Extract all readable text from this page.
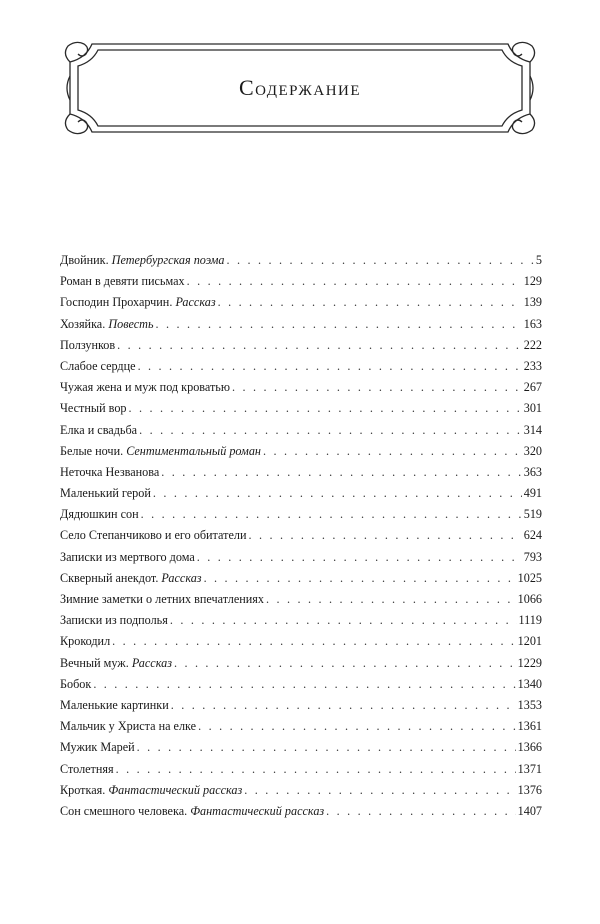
Содержание
Двойник. Петербургская поэма . . .	5
Роман в девяти письмах . . .	129
Господин Прохарчин. Рассказ . . .	139
Хозяйка. Повесть . . .	163
Ползунков . . .	222
Слабое сердце . . .	233
Чужая жена и муж под кроватью . . .	267
Честный вор . . .	301
Елка и свадьба . . .	314
Белые ночи. Сентиментальный роман . . .	320
Неточка Незванова . . .	363
Маленький герой . . .	491
Дядюшкин сон . . .	519
Село Степанчиково и его обитатели . . .	624
Записки из мертвого дома . . .	793
Скверный анекдот. Рассказ . . .	1025
Зимние заметки о летних впечатлениях . . .	1066
Записки из подполья . . .	1119
Крокодил . . .	1201
Вечный муж. Рассказ . . .	1229
Бобок . . .	1340
Маленькие картинки . . .	1353
Мальчик у Христа на елке . . .	1361
Мужик Марей . . .	1366
Столетняя . . .	1371
Кроткая. Фантастический рассказ . . .	1376
Сон смешного человека. Фантастический рассказ . . .	1407
